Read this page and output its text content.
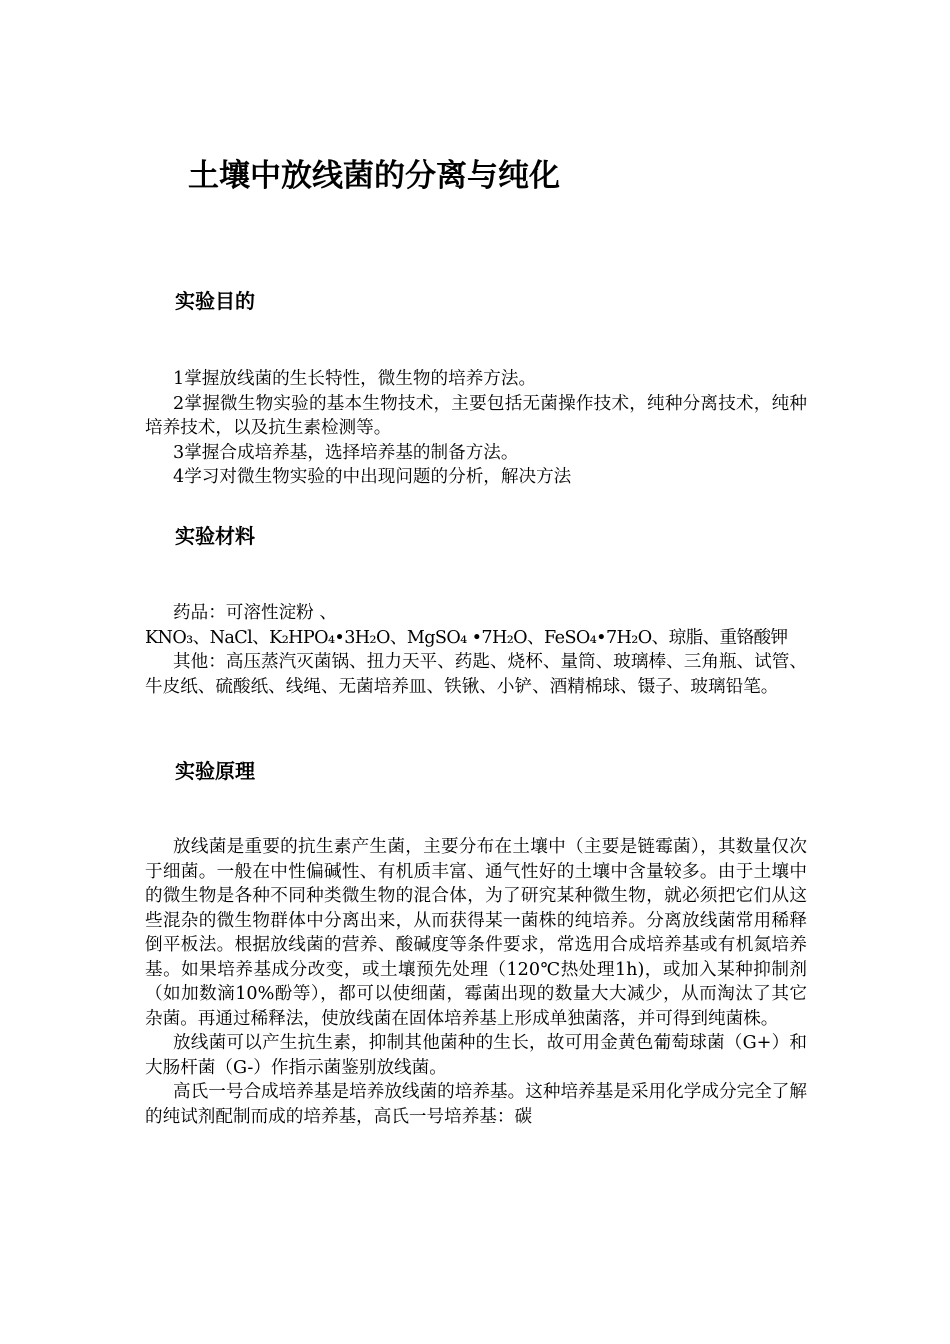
土壤中放线菌的分离与纯化
实验目的

1掌握放线菌的生长特性，微生物的培养方法。

2掌握微生物实验的基本生物技术，主要包括无菌操作技术，纯种分离技术，纯种培养技术，以及抗生素检测等。

3掌握合成培养基，选择培养基的制备方法。

4学习对微生物实验的中出现问题的分析，解决方法

实验材料

药品：可溶性淀粉 、

KNO₃、NaCl、K₂HPO₄•3H₂O、MgSO₄ •7H₂O、FeSO₄•7H₂O、琼脂、重铬酸钾

其他：高压蒸汽灭菌锅、扭力天平、药匙、烧杯、量筒、玻璃棒、三角瓶、试管、牛皮纸、硫酸纸、线绳、无菌培养皿、铁锹、小铲、酒精棉球、镊子、玻璃铅笔。

实验原理

放线菌是重要的抗生素产生菌，主要分布在土壤中（主要是链霉菌），其数量仅次于细菌。一般在中性偏碱性、有机质丰富、通气性好的土壤中含量较多。由于土壤中的微生物是各种不同种类微生物的混合体，为了研究某种微生物，就必须把它们从这些混杂的微生物群体中分离出来，从而获得某一菌株的纯培养。分离放线菌常用稀释倒平板法。根据放线菌的营养、酸碱度等条件要求，常选用合成培养基或有机氮培养基。如果培养基成分改变，或土壤预先处理（120℃热处理1h)，或加入某种抑制剂（如加数滴10%酚等），都可以使细菌，霉菌出现的数量大大减少，从而淘汰了其它杂菌。再通过稀释法，使放线菌在固体培养基上形成单独菌落，并可得到纯菌株。

放线菌可以产生抗生素，抑制其他菌种的生长，故可用金黄色葡萄球菌（G+）和大肠杆菌（G-）作指示菌鉴别放线菌。

高氏一号合成培养基是培养放线菌的培养基。这种培养基是采用化学成分完全了解的纯试剂配制而成的培养基，高氏一号培养基：碳
